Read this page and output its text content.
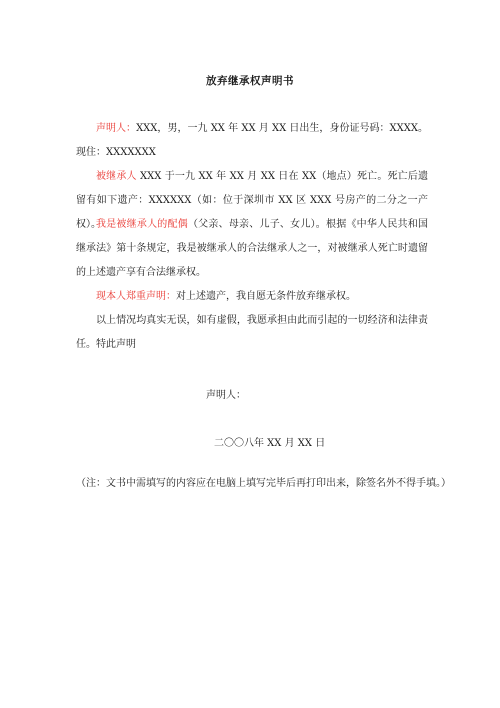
放弃继承权声明书
声明人：XXX，男，一九 XX 年 XX 月 XX 日出生，身份证号码：XXXX。现住：XXXXXXX
被继承人 XXX 于一九 XX 年 XX 月 XX 日在 XX（地点）死亡。死亡后遗留有如下遗产：XXXXXX（如：位于深圳市 XX 区 XXX 号房产的二分之一产权）。
我是被继承人的配偶（父亲、母亲、儿子、女儿）。根据《中华人民共和国继承法》第十条规定，我是被继承人的合法继承人之一，对被继承人死亡时遗留的上述遗产享有合法继承权。
现本人郑重声明：对上述遗产，我自愿无条件放弃继承权。
以上情况均真实无误，如有虚假，我愿承担由此而引起的一切经济和法律责任。 特此声明
声明人：
二〇〇八年 XX 月 XX 日
（注：文书中需填写的内容应在电脑上填写完毕后再打印出来，除签名外不得手填。）
